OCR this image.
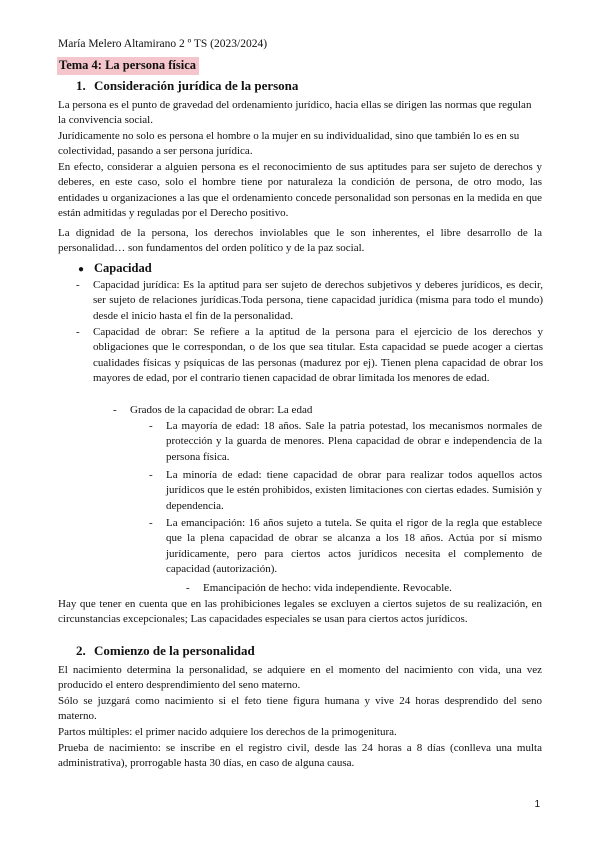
María Melero Altamirano 2 º TS (2023/2024)
Tema 4: La persona física
1. Consideración jurídica de la persona
La persona es el punto de gravedad del ordenamiento jurídico, hacia ellas se dirigen las normas que regulan la convivencia social.
Jurídicamente no solo es persona el hombre o la mujer en su individualidad, sino que también lo es en su colectividad, pasando a ser persona jurídica.
En efecto, considerar a alguien persona es el reconocimiento de sus aptitudes para ser sujeto de derechos y deberes, en este caso, solo el hombre tiene por naturaleza la condición de persona, de otro modo, las entidades u organizaciones a las que el ordenamiento concede personalidad son personas en la medida en que están admitidas y reguladas por el Derecho positivo.
La dignidad de la persona, los derechos inviolables que le son inherentes, el libre desarrollo de la personalidad… son fundamentos del orden político y de la paz social.
● Capacidad
- Capacidad jurídica: Es la aptitud para ser sujeto de derechos subjetivos y deberes jurídicos, es decir, ser sujeto de relaciones jurídicas.Toda persona, tiene capacidad jurídica (misma para todo el mundo) desde el inicio hasta el fin de la personalidad.
- Capacidad de obrar: Se refiere a la aptitud de la persona para el ejercicio de los derechos y obligaciones que le correspondan, o de los que sea titular. Esta capacidad se puede acoger a ciertas cualidades físicas y psíquicas de las personas (madurez por ej). Tienen plena capacidad de obrar los mayores de edad, por el contrario tienen capacidad de obrar limitada los menores de edad.
- Grados de la capacidad de obrar: La edad
- La mayoría de edad: 18 años. Sale la patria potestad, los mecanismos normales de protección y la guarda de menores. Plena capacidad de obrar e independencia de la persona física.
- La minoría de edad: tiene capacidad de obrar para realizar todos aquellos actos jurídicos que le estén prohibidos, existen limitaciones con ciertas edades. Sumisión y dependencia.
- La emancipación: 16 años sujeto a tutela. Se quita el rigor de la regla que establece que la plena capacidad de obrar se alcanza a los 18 años. Actúa por sí mismo jurídicamente, pero para ciertos actos jurídicos necesita el complemento de capacidad (autorización).
- Emancipación de hecho: vida independiente. Revocable.
Hay que tener en cuenta que en las prohibiciones legales se excluyen a ciertos sujetos de su realización, en circunstancias excepcionales; Las capacidades especiales se usan para ciertos actos jurídicos.
2. Comienzo de la personalidad
El nacimiento determina la personalidad, se adquiere en el momento del nacimiento con vida, una vez producido el entero desprendimiento del seno materno.
Sólo se juzgará como nacimiento si el feto tiene figura humana y vive 24 horas desprendido del seno materno.
Partos múltiples: el primer nacido adquiere los derechos de la primogenitura.
Prueba de nacimiento: se inscribe en el registro civil, desde las 24 horas a 8 días (conlleva una multa administrativa), prorrogable hasta 30 días, en caso de alguna causa.
1
